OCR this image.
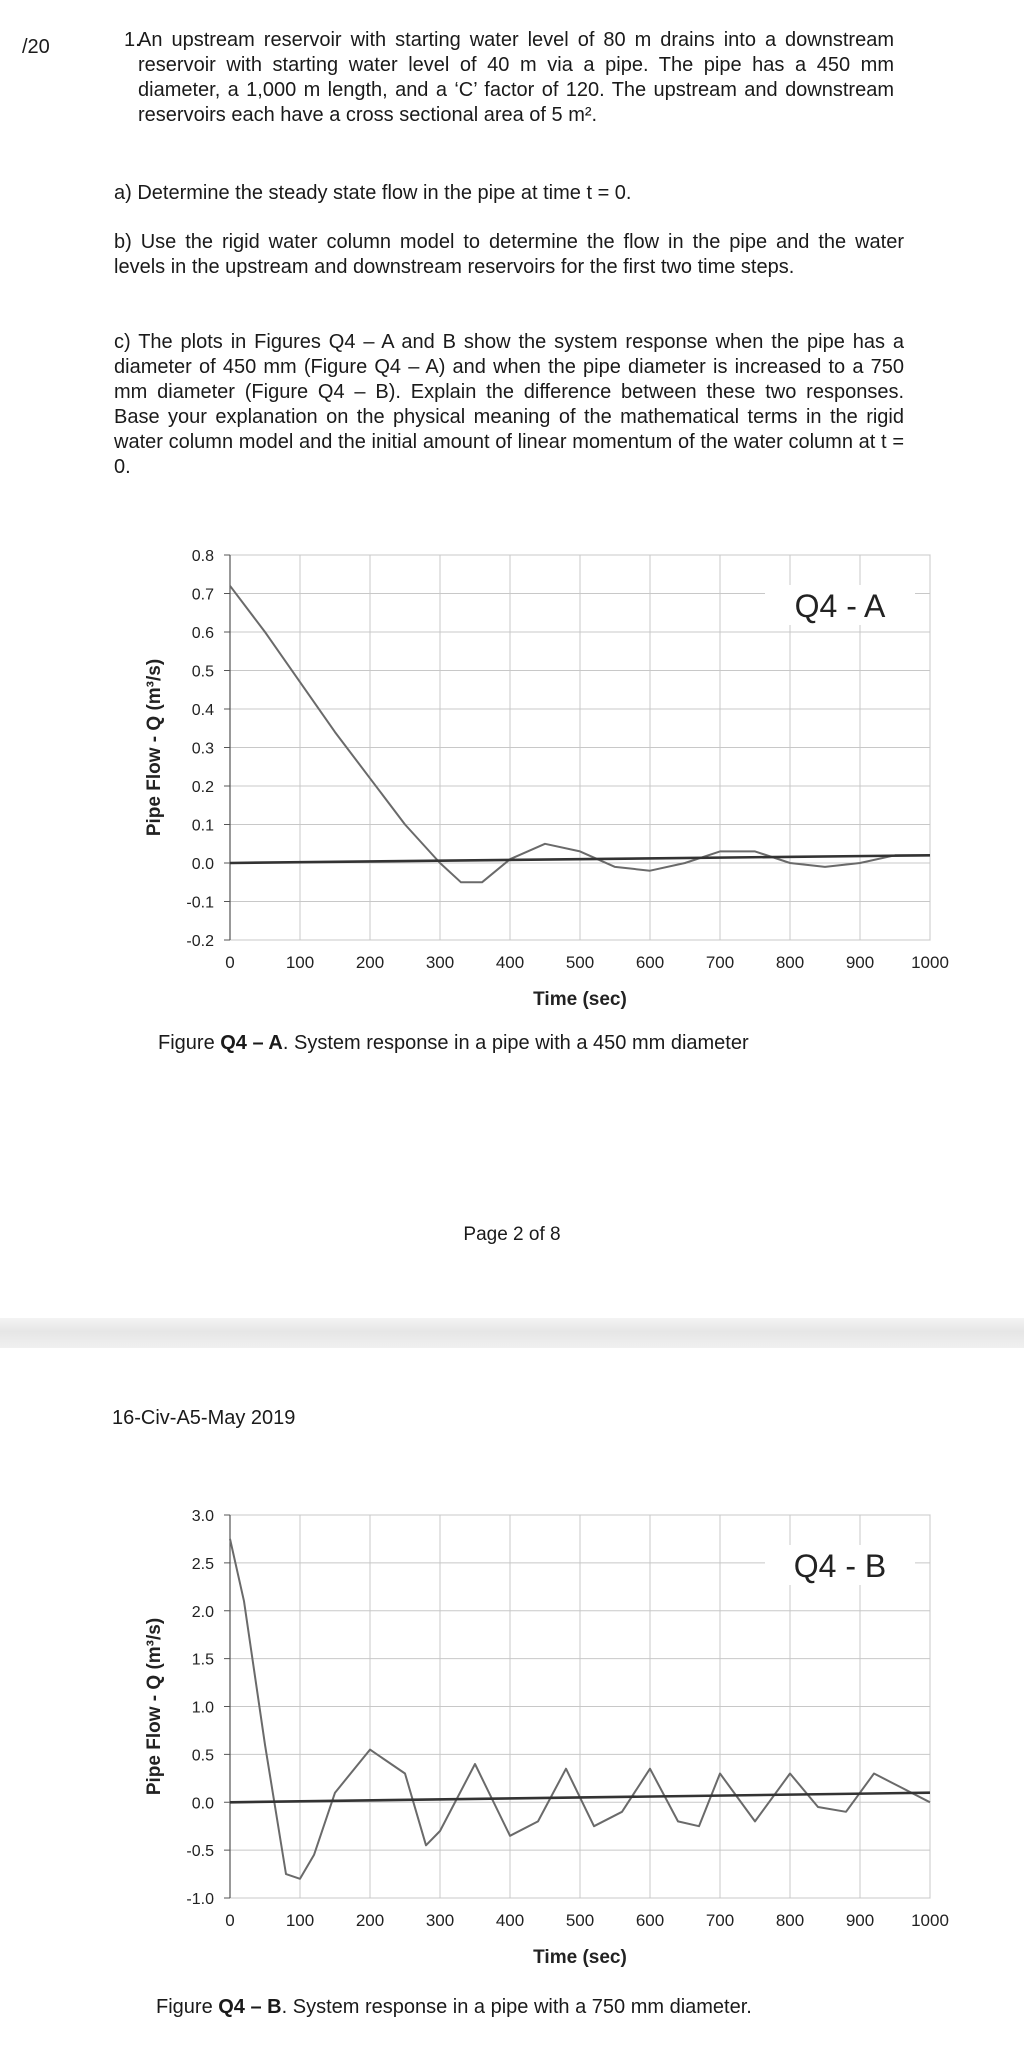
/20	1.
An upstream reservoir with starting water level of 80 m drains into a downstream reservoir with starting water level of 40 m via a pipe. The pipe has a 450 mm diameter, a 1,000 m length, and a ‘C’ factor of 120. The upstream and downstream reservoirs each have a cross sectional area of 5 m².
a) Determine the steady state flow in the pipe at time t = 0.
b) Use the rigid water column model to determine the flow in the pipe and the water levels in the upstream and downstream reservoirs for the first two time steps.
c) The plots in Figures Q4 – A and B show the system response when the pipe has a diameter of 450 mm (Figure Q4 – A) and when the pipe diameter is increased to a 750 mm diameter (Figure Q4 – B). Explain the difference between these two responses. Base your explanation on the physical meaning of the mathematical terms in the rigid water column model and the initial amount of linear momentum of the water column at t = 0.
0	100 200 300 400 500 600 700 800 900 1000
0.8
0.7
0.6
0.5
0.4
0.3
0.2
0.1
0.0
-0.1
-0.2
Q4 - A
Time (sec)
Pipe Flow - Q (m³/s)
Figure Q4 – A. System response in a pipe with a 450 mm diameter
Page 2 of 8
16-Civ-A5-May 2019
0	100 200 300 400 500 600 700 800 900 1000
3.0
2.5
2.0
1.5
1.0
0.5
0.0
-0.5
-1.0
Q4 - B
Time (sec)
Pipe Flow - Q (m³/s)
Figure Q4 – B. System response in a pipe with a 750 mm diameter.
